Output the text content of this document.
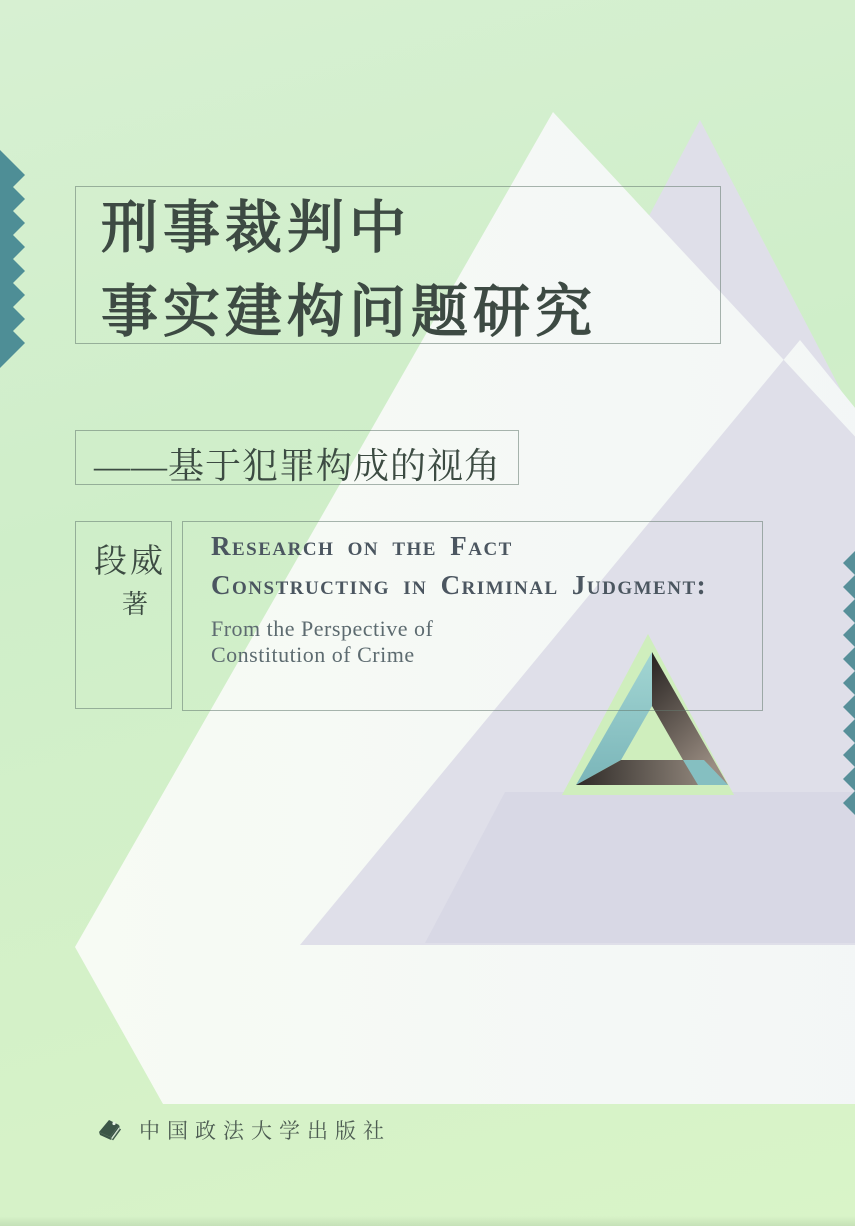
刑事裁判中
事实建构问题研究
——基于犯罪构成的视角
段威
著
Research on the Fact
Constructing in Criminal Judgment:
From the Perspective of
Constitution of Crime
中国政法大学出版社
